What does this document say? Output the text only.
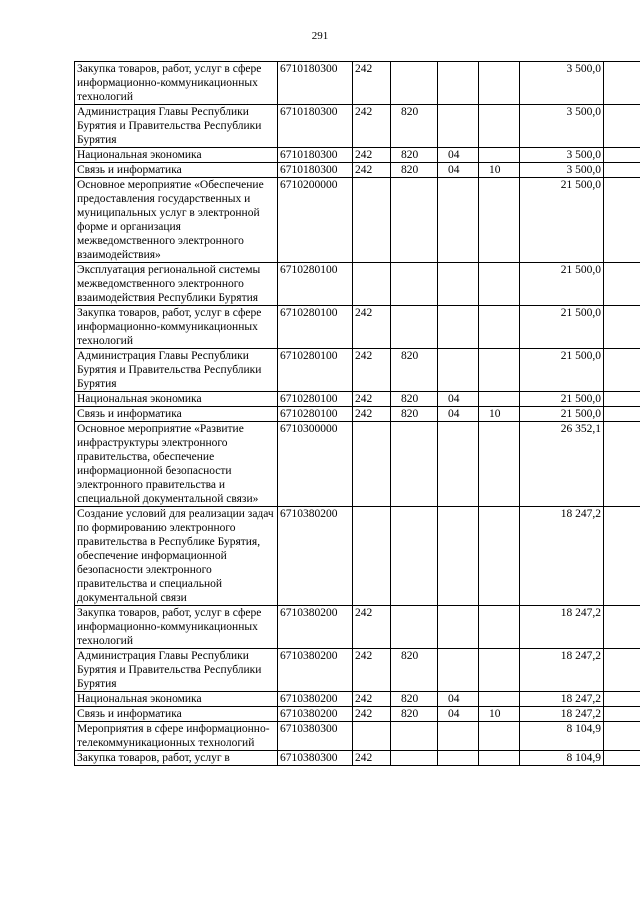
291
Закупка товаров, работ, услуг в сфере информационно-коммуникационных технологий	6710180300	242				3 500,0	
Администрация Главы Республики Бурятия и Правительства Республики Бурятия	6710180300	242	820			3 500,0	
Национальная экономика	6710180300	242	820	04		3 500,0	
Связь и информатика	6710180300	242	820	04	10	3 500,0	
Основное мероприятие «Обеспечение предоставления государственных и муниципальных услуг в электронной форме и организация межведомственного электронного взаимодействия»	6710200000					21 500,0	
Эксплуатация региональной системы межведомственного электронного взаимодействия Республики Бурятия	6710280100					21 500,0	
Закупка товаров, работ, услуг в сфере информационно-коммуникационных технологий	6710280100	242				21 500,0	
Администрация Главы Республики Бурятия и Правительства Республики Бурятия	6710280100	242	820			21 500,0	
Национальная экономика	6710280100	242	820	04		21 500,0	
Связь и информатика	6710280100	242	820	04	10	21 500,0	
Основное мероприятие «Развитие инфраструктуры электронного правительства, обеспечение информационной безопасности электронного правительства и специальной документальной связи»	6710300000					26 352,1	
Создание условий для реализации задач по формированию электронного правительства в Республике Бурятия, обеспечение информационной безопасности электронного правительства и специальной документальной связи	6710380200					18 247,2	
Закупка товаров, работ, услуг в сфере информационно-коммуникационных технологий	6710380200	242				18 247,2	
Администрация Главы Республики Бурятия и Правительства Республики Бурятия	6710380200	242	820			18 247,2	
Национальная экономика	6710380200	242	820	04		18 247,2	
Связь и информатика	6710380200	242	820	04	10	18 247,2	
Мероприятия в сфере информационно-телекоммуникационных технологий	6710380300					8 104,9	
Закупка товаров, работ, услуг в	6710380300	242				8 104,9	
